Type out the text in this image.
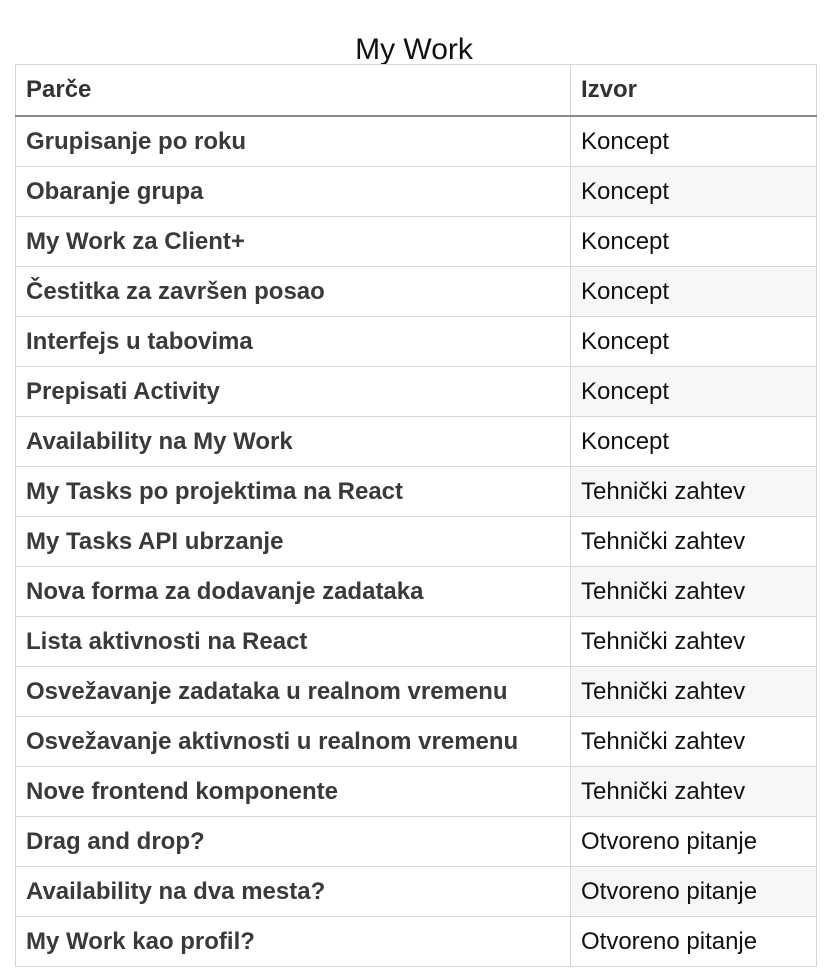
My Work
Parče	Izvor
Grupisanje po roku	Koncept
Obaranje grupa	Koncept
My Work za Client+	Koncept
Čestitka za završen posao	Koncept
Interfejs u tabovima	Koncept
Prepisati Activity	Koncept
Availability na My Work	Koncept
My Tasks po projektima na React	Tehnički zahtev
My Tasks API ubrzanje	Tehnički zahtev
Nova forma za dodavanje zadataka	Tehnički zahtev
Lista aktivnosti na React	Tehnički zahtev
Osvežavanje zadataka u realnom vremenu	Tehnički zahtev
Osvežavanje aktivnosti u realnom vremenu	Tehnički zahtev
Nove frontend komponente	Tehnički zahtev
Drag and drop?	Otvoreno pitanje
Availability na dva mesta?	Otvoreno pitanje
My Work kao profil?	Otvoreno pitanje
